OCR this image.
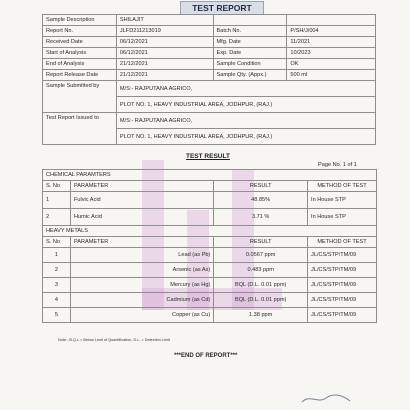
TEST REPORT
Sample Description	SHILAJIT		
Report No.	JLFD211213019	Batch No.	P/SH/J/004
Received Date	06/12/2021	Mfg. Date	11/2021
Start of Analysis	06/12/2021	Exp. Date	10/2023
End of Analysis	21/12/2021	Sample Condition	OK
Report Release Date	21/12/2021	Sample Qty. (Appx.)	500 ml
Sample Submitted by	M/S:- RAJPUTANA AGRICO,		
	PLOT NO. 1, HEAVY INDUSTRIAL AREA, JODHPUR, (RAJ.)		
Test Report Issued to	M/S:- RAJPUTANA AGRICO,		
	PLOT NO. 1, HEAVY INDUSTRIAL AREA, JODHPUR, (RAJ.)		
TEST RESULT
Page No. 1 of 1
CHEMICAL PARAMTERS			
S. No	PARAMETER	RESULT	METHOD OF TEST
1	Fulvic Acid	48.85%	In House STP
2	Humic Acid	3.71 %	In House STP
HEAVY METALS			
S. No	PARAMETER	RESULT	METHOD OF TEST
1	Lead (as Pb)	0.0567 ppm	JL/CS/STP/TM/09
2	Arsenic (as As)	0.483 ppm	JL/CS/STP/TM/09
3	Mercury (as Hg)	BQL (D.L. 0.01 ppm)	JL/CS/STP/TM/09
4	Cadmium (as Cd)	BQL (D.L. 0.01 ppm)	JL/CS/STP/TM/09
5	Copper (as Cu)	1.38 ppm	JL/CS/STP/TM/09
Note:- B.Q.L.= Below Limit of Quantification, D.L. = Detection Limit
***END OF REPORT***
